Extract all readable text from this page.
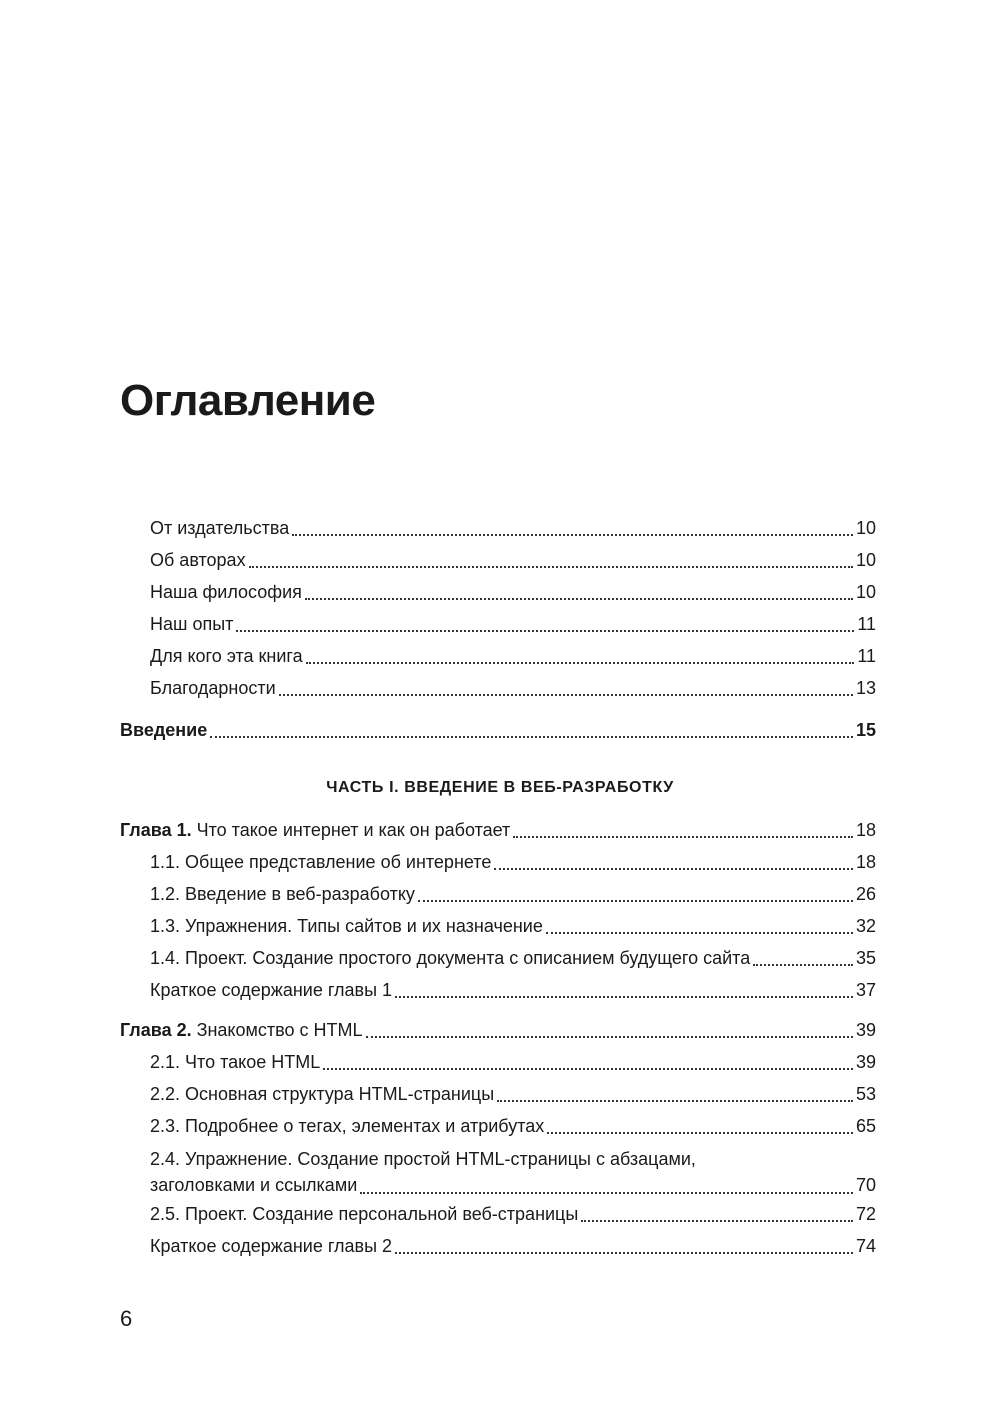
Оглавление
От издательства	10
Об авторах	10
Наша философия	10
Наш опыт	11
Для кого эта книга	11
Благодарности	13
Введение	15
ЧАСТЬ I. ВВЕДЕНИЕ В ВЕБ-РАЗРАБОТКУ
Глава 1. Что такое интернет и как он работает	18
1.1. Общее представление об интернете	18
1.2. Введение в веб-разработку	26
1.3. Упражнения. Типы сайтов и их назначение	32
1.4. Проект. Создание простого документа с описанием будущего сайта	35
Краткое содержание главы 1	37
Глава 2. Знакомство с HTML	39
2.1. Что такое HTML	39
2.2. Основная структура HTML-страницы	53
2.3. Подробнее о тегах, элементах и атрибутах	65
2.4. Упражнение. Создание простой HTML-страницы с абзацами,
заголовками и ссылками	70
2.5. Проект. Создание персональной веб-страницы	72
Краткое содержание главы 2	74
6
